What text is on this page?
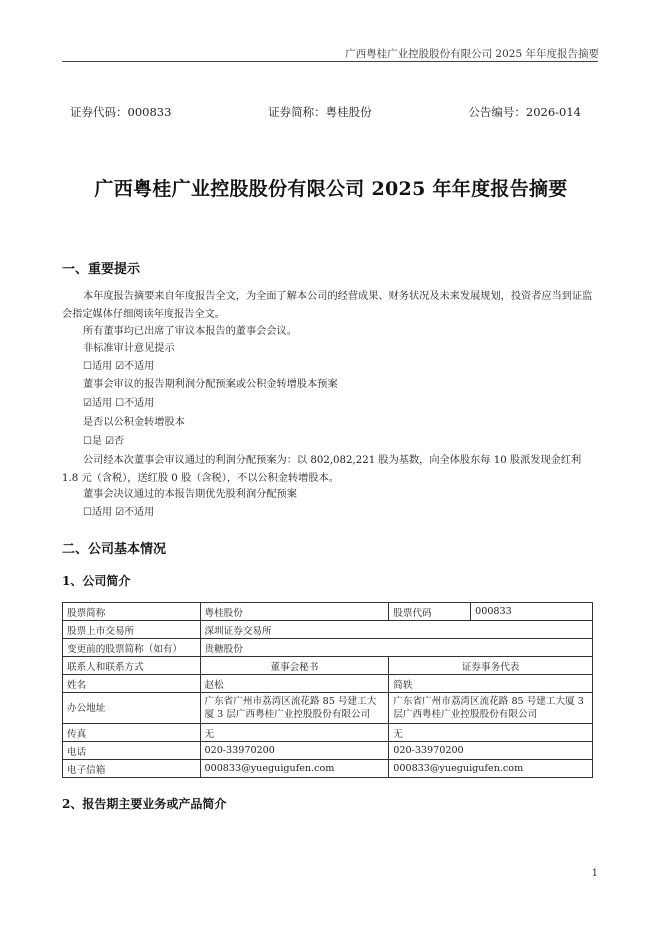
广西粤桂广业控股股份有限公司 2025 年年度报告摘要
证券代码：000833	证券简称：粤桂股份	公告编号：2026-014
广西粤桂广业控股股份有限公司 2025 年年度报告摘要
一、重要提示

本年度报告摘要来自年度报告全文，为全面了解本公司的经营成果、财务状况及未来发展规划，投资者应当到证监会指定媒体仔细阅读年度报告全文。

所有董事均已出席了审议本报告的董事会会议。
非标准审计意见提示
☐适用 ☑不适用
董事会审议的报告期利润分配预案或公积金转增股本预案
☑适用 ☐不适用
是否以公积金转增股本
☐是 ☑否

公司经本次董事会审议通过的利润分配预案为：以 802,082,221 股为基数，向全体股东每 10 股派发现金红利 1.8 元（含税），送红股 0 股（含税），不以公积金转增股本。

董事会决议通过的本报告期优先股利润分配预案
☐适用 ☑不适用
二、公司基本情况
1、公司简介
股票简称	粤桂股份	股票代码	000833
股票上市交易所	深圳证券交易所		
变更前的股票简称（如有）	贵糖股份		
联系人和联系方式	董事会秘书	证券事务代表	
姓名	赵松	简轶	
办公地址	广东省广州市荔湾区流花路 85 号建工大厦 3 层广西粤桂广业控股股份有限公司	广东省广州市荔湾区流花路 85 号建工大厦 3 层广西粤桂广业控股股份有限公司	
传真	无	无	
电话	020-33970200	020-33970200	
电子信箱	000833@yueguigufen.com	000833@yueguigufen.com	
2、报告期主要业务或产品简介
1
